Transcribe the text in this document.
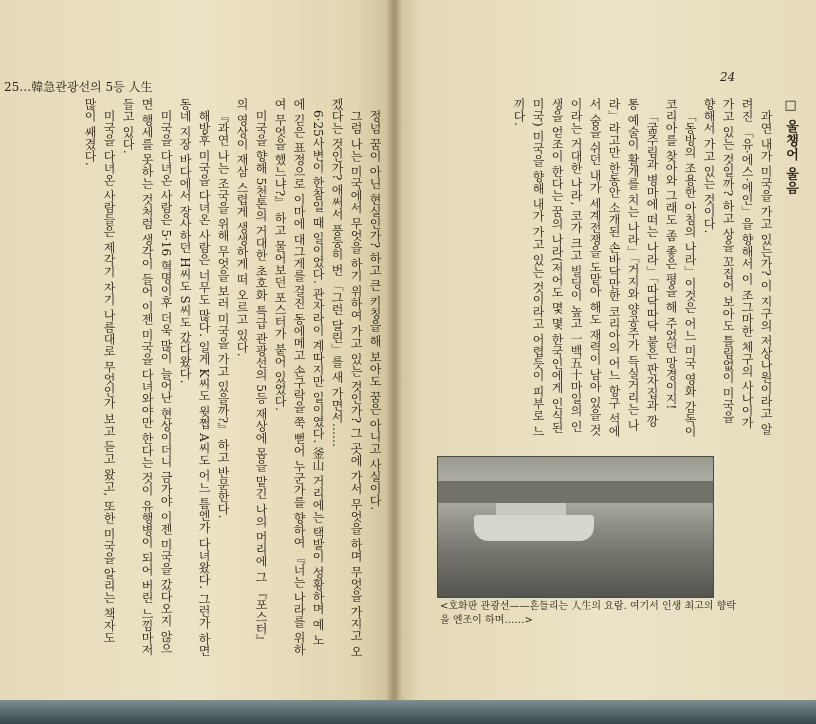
25…韓急관광선의 5등 人生
정넘 꿈이 아닌 현실인가? 하고 큰 키칭을 해 보아도 꿈은 아니고 사실이다.
그럼 나는 미국에서 무엇을 하기 위하여 가고 있는 것인가? 그 곳에 가서 무엇을 하며 무엇을 가지고 오겠다는 것인가? 애써서 풍둥히 번 「그런 달린」를 새 가면서……
6·25사변이 한참일 때 일이었다. 관자라이 계따지만 일이였다. 釜山 거리에는 택발이 성황하며 예 노에 긷은 표정으로 이마에 대그게를 걸진 동에메고 손구락을 쭉 뻗어 누군가를 향하여 『너는 나라를 위하여 무엇을 했느냐?』 하고 물어보던 포스터가 붙어 있었다.
미국을 향해 5천톤의 거대한 초호화 특급 관광선의 5등 재상에 몸을 맡긴 나의 머리에 그 『포스터』의 영상이 재삼 스렵게 생생하게 떠 오르고 있다.
『과연 나는 조국을 위해 무엇을 보러 미국을 가고 있을까?』 하고 반문한다.
해방후 미국을 다녀온 사람은 너무도 많다. 일게 K씨도 윗쩝 A씨도 어느 틈엔가 다녀왔다. 그런가 하면 동네 지장 바다에서 장사하던 H씨도 S씨도 갔다왔다.
미국을 다녀온 사람은 5·16 혁명이후 더욱 많이 늘어난 현상이더니 금가야 이젠 미국을 갔다오지 않으면 행세를 못하는 것처럼 생각이 들어 이젠 미국을 다녀와야만 한다는 것이 유행병이 되어 버린 느낌마저 들고 있다.
미국을 다녀온 사람들은 제각기 자기 나름대로 무엇인가 보고 듣고 왔고, 또한 미국을 알리는 책자도 많이 쌔겼다.
24
□ 울챙어 울음
과연 내가 미국을 가고 있는가? 이 지구의 저상나원이라고 알려진 「유·에스·에인」을 향해서 이 조그마한 체구의 사나이가 가고 있는 것일까? 하고 상을 꼬집어 보아도 틀림없이 미국을 향해서 가고 있는 것이다.
「동방의 조용한 아침의 나라」이것은 어느 미국 영화 감독이 코리아를 찾아와 그래도 좀 좋은 평을 해 주었던 망경이지!
「굶주림과 병마에 떠는 나라」「따닥따닥 붙은 판자집과 깡통 예술이 활개를 치는 나라」「거지와 양공주가 득실거리는 나라」라고만 한동안 소개된 손바닥만한 코리아의 어느 항구 석에서 숨을 쉬던 내가 세계전쟁을 도맡아 해도 재력이 남아 있을 것이라는 거대한 나라, 코가 크고 빌딩이 높고 一백五十마일의 인생을 얻조이 한다는 꿈의 나라(저어도 몇 몇 한국인에게 인식된 미국) 미국을 향해 내가 가고 있는 것이라고 어렵듯이 피부로 느끼다.
<호화판 관광선——흔들리는 人生의 요람. 여기서 인생 최고의 향락을 엔조이 하며……>
